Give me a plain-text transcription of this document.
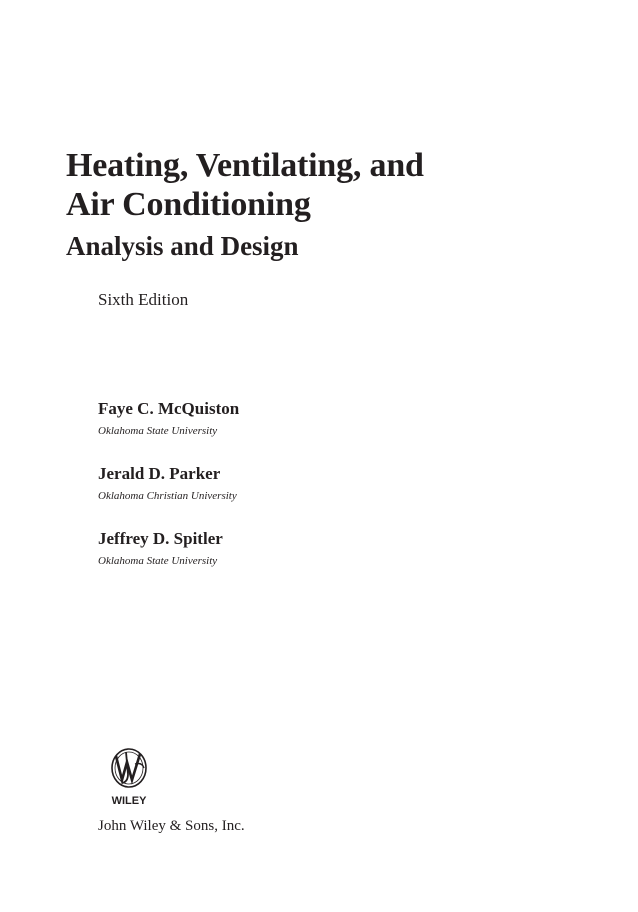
Heating, Ventilating, and
Air Conditioning
Analysis and Design
Sixth Edition
Faye C. McQuiston
Oklahoma State University
Jerald D. Parker
Oklahoma Christian University
Jeffrey D. Spitler
Oklahoma State University
WILEY
John Wiley & Sons, Inc.
